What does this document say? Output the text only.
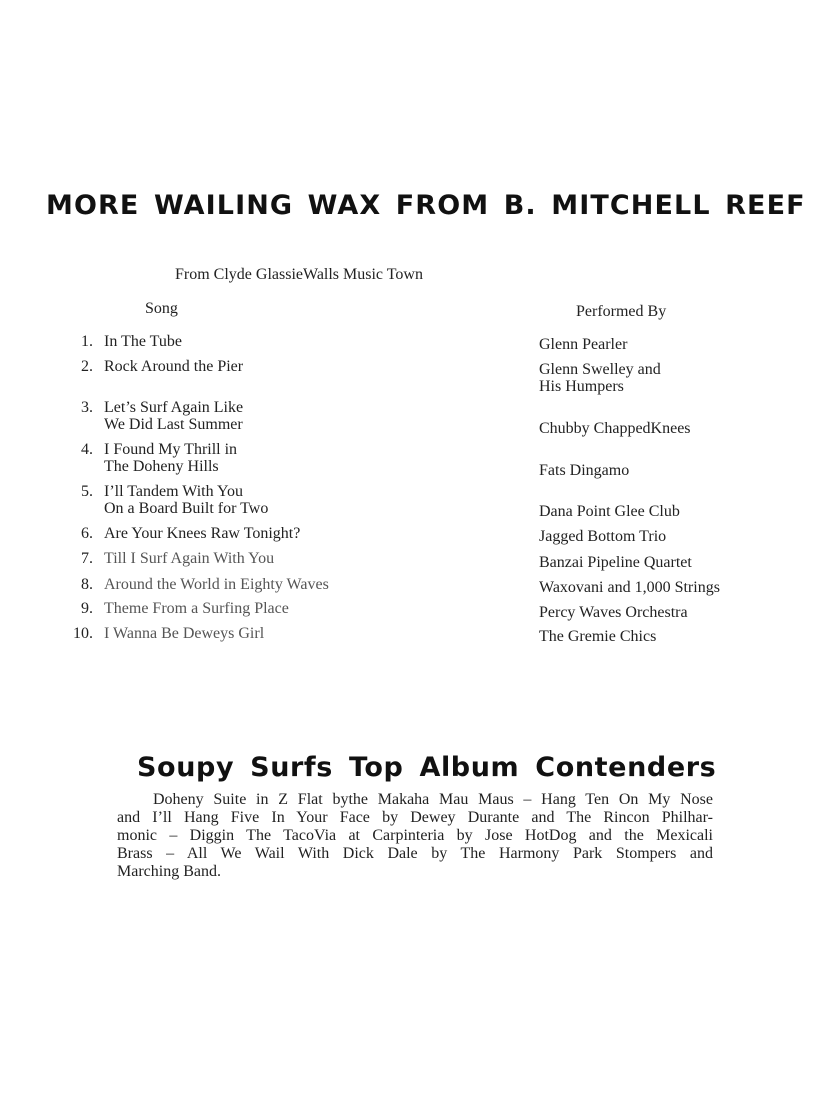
MORE WAILING WAX FROM B. MITCHELL REEF
From Clyde GlassieWalls Music Town
Song	Performed By
1. In The Tube	Glenn Pearler
2. Rock Around the Pier	Glenn Swelley and
His Humpers
3. Let’s Surf Again Like
We Did Last Summer	Chubby ChappedKnees
4. I Found My Thrill in
The Doheny Hills	Fats Dingamo
5. I’ll Tandem With You
On a Board Built for Two	Dana Point Glee Club
6. Are Your Knees Raw Tonight?	Jagged Bottom Trio
7. Till I Surf Again With You	Banzai Pipeline Quartet
8. Around the World in Eighty Waves	Waxovani and 1,000 Strings
9. Theme From a Surfing Place	Percy Waves Orchestra
10. I Wanna Be Deweys Girl	The Gremie Chics
Soupy Surfs Top Album Contenders
Doheny Suite in Z Flat bythe Makaha Mau Maus – Hang Ten On My Nose
and I’ll Hang Five In Your Face by Dewey Durante and The Rincon Philhar-
monic – Diggin The TacoVia at Carpinteria by Jose HotDog and the Mexicali
Brass – All We Wail With Dick Dale by The Harmony Park Stompers and
Marching Band.
